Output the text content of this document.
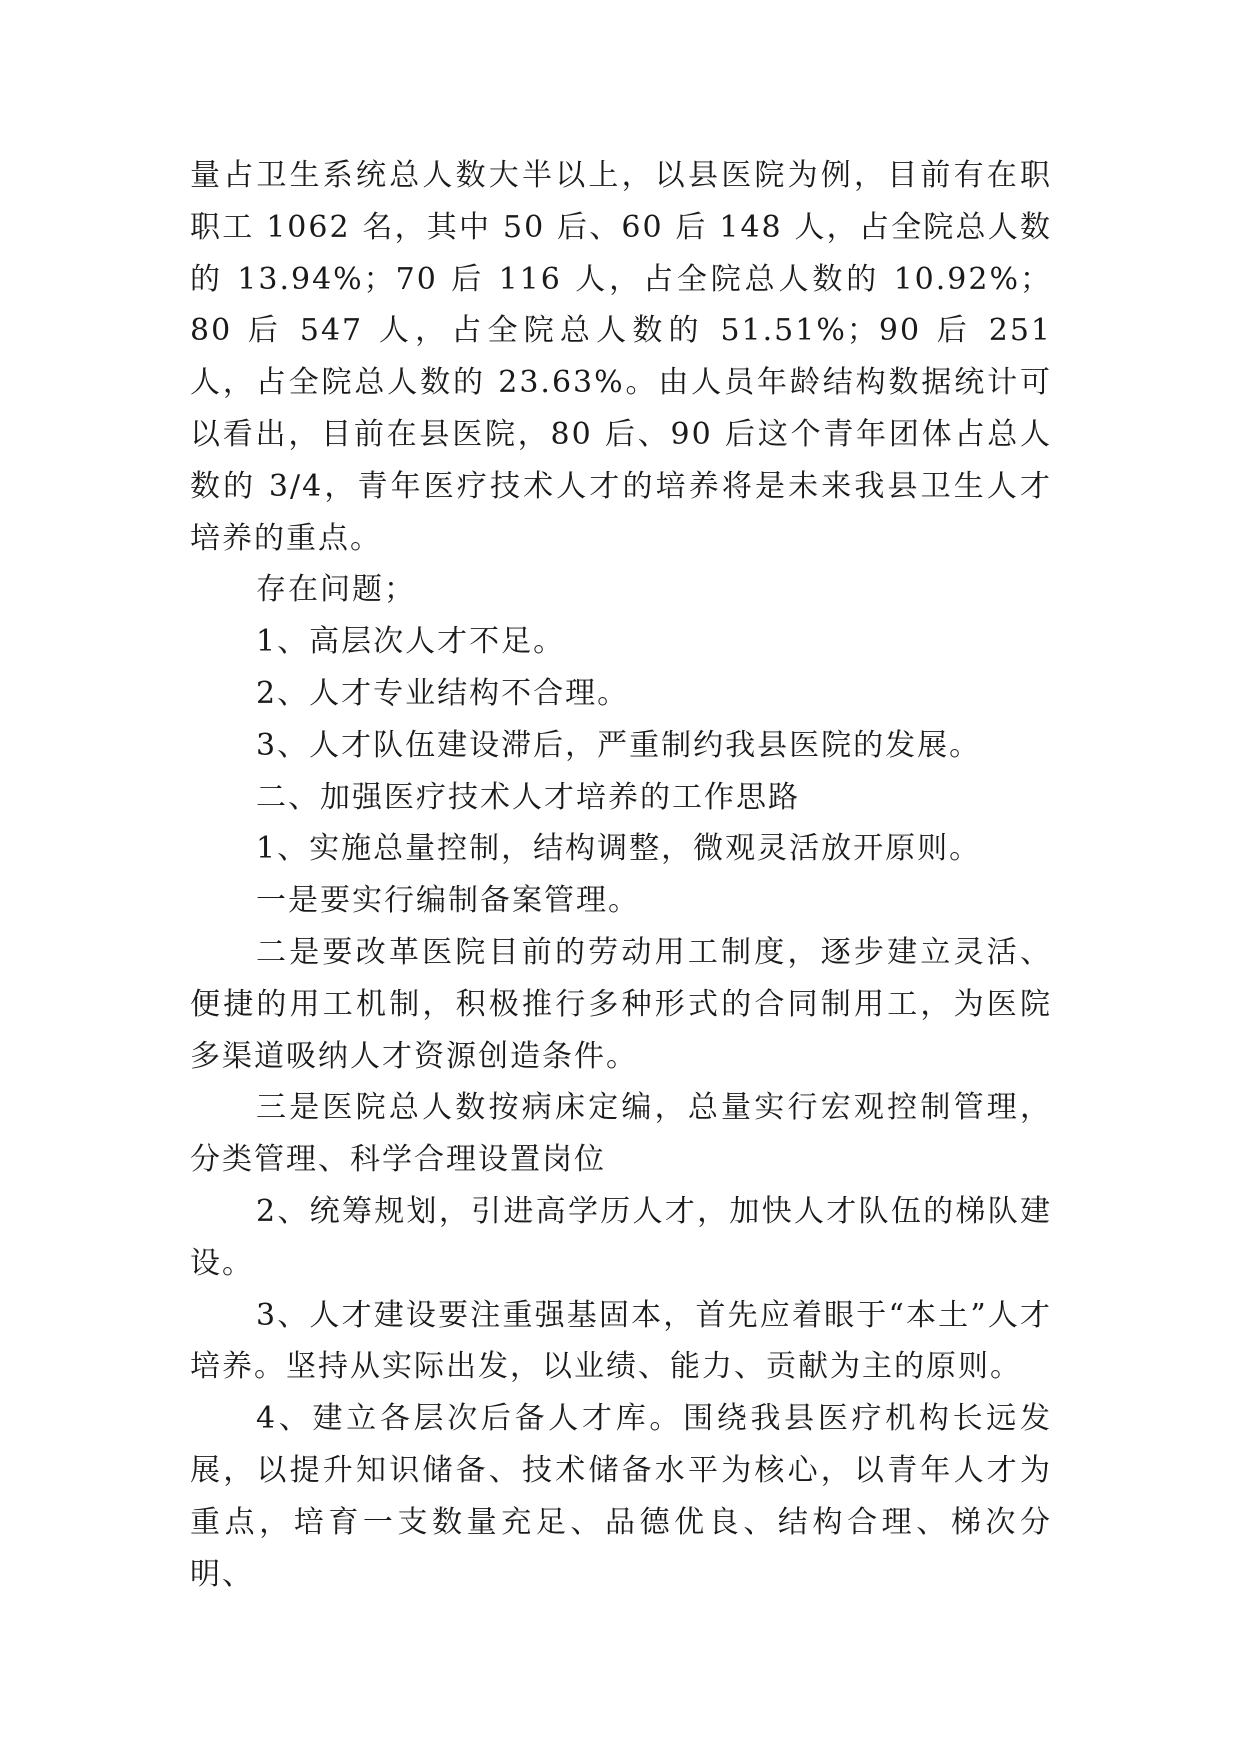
量占卫生系统总人数大半以上，以县医院为例，目前有在职职工 1062 名，其中 50 后、60 后 148 人，占全院总人数的 13.94%；70 后 116 人，占全院总人数的 10.92%；80 后 547 人，占全院总人数的 51.51%；90 后 251 人，占全院总人数的 23.63%。由人员年龄结构数据统计可以看出，目前在县医院，80 后、90 后这个青年团体占总人数的 3/4，青年医疗技术人才的培养将是未来我县卫生人才培养的重点。

存在问题；

1、高层次人才不足。

2、人才专业结构不合理。

3、人才队伍建设滞后，严重制约我县医院的发展。

二、加强医疗技术人才培养的工作思路

1、实施总量控制，结构调整，微观灵活放开原则。

一是要实行编制备案管理。

二是要改革医院目前的劳动用工制度，逐步建立灵活、便捷的用工机制，积极推行多种形式的合同制用工，为医院多渠道吸纳人才资源创造条件。

三是医院总人数按病床定编，总量实行宏观控制管理，分类管理、科学合理设置岗位

2、统筹规划，引进高学历人才，加快人才队伍的梯队建设。

3、人才建设要注重强基固本，首先应着眼于“本土”人才培养。坚持从实际出发，以业绩、能力、贡献为主的原则。

4、建立各层次后备人才库。围绕我县医疗机构长远发展，以提升知识储备、技术储备水平为核心，以青年人才为重点，培育一支数量充足、品德优良、结构合理、梯次分明、
